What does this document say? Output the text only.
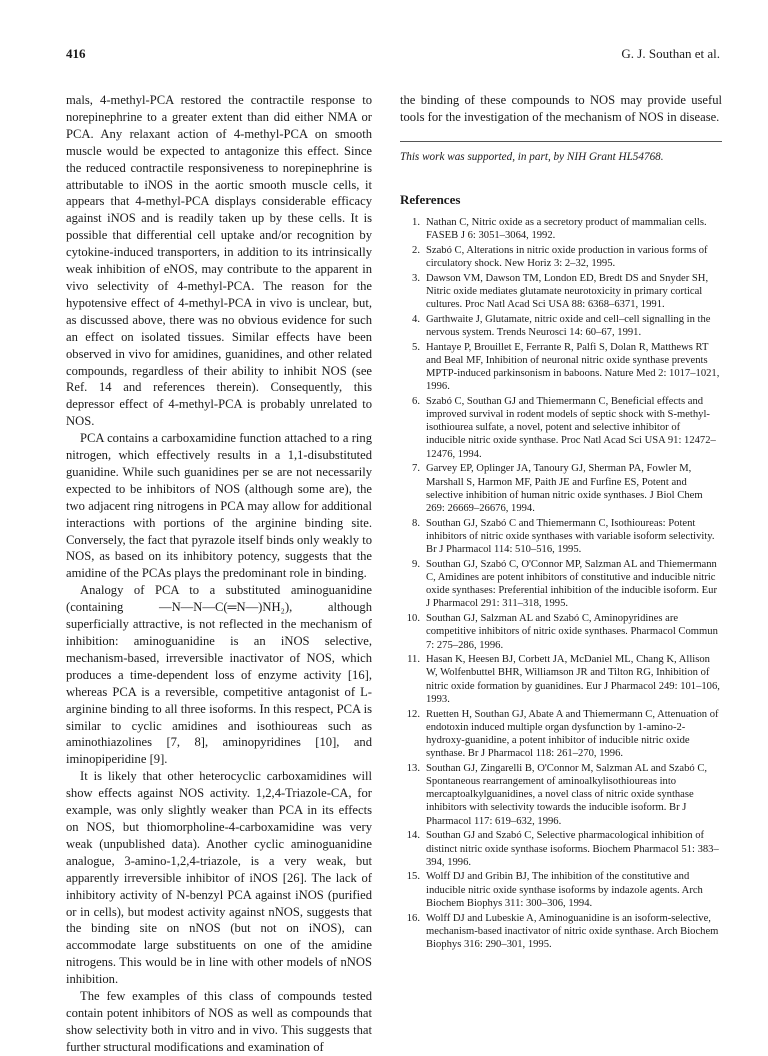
416	G. J. Southan et al.

mals, 4-methyl-PCA restored the contractile response to norepinephrine to a greater extent than did either NMA or PCA. Any relaxant action of 4-methyl-PCA on smooth muscle would be expected to antagonize this effect. Since the reduced contractile responsiveness to norepinephrine is attributable to iNOS in the aortic smooth muscle cells, it appears that 4-methyl-PCA displays considerable efficacy against iNOS and is readily taken up by these cells. It is possible that differential cell uptake and/or recognition by cytokine-induced transporters, in addition to its intrinsically weak inhibition of eNOS, may contribute to the apparent in vivo selectivity of 4-methyl-PCA. The reason for the hypotensive effect of 4-methyl-PCA in vivo is unclear, but, as discussed above, there was no obvious evidence for such an effect on isolated tissues. Similar effects have been observed in vivo for amidines, guanidines, and other related compounds, regardless of their ability to inhibit NOS (see Ref. 14 and references therein). Consequently, this depressor effect of 4-methyl-PCA is probably unrelated to NOS.

PCA contains a carboxamidine function attached to a ring nitrogen, which effectively results in a 1,1-disubstituted guanidine. While such guanidines per se are not necessarily expected to be inhibitors of NOS (although some are), the two adjacent ring nitrogens in PCA may allow for additional interactions with portions of the arginine binding site. Conversely, the fact that pyrazole itself binds only weakly to NOS, as based on its inhibitory potency, suggests that the amidine of the PCAs plays the predominant role in binding.

Analogy of PCA to a substituted aminoguanidine (containing —N—N—C(═N—)NH₂), although superficially attractive, is not reflected in the mechanism of inhibition: aminoguanidine is an iNOS selective, mechanism-based, irreversible inactivator of NOS, which produces a time-dependent loss of enzyme activity [16], whereas PCA is a reversible, competitive antagonist of L-arginine binding to all three isoforms. In this respect, PCA is similar to cyclic amidines and isothioureas such as aminothiazolines [7, 8], aminopyridines [10], and iminopiperidine [9].

It is likely that other heterocyclic carboxamidines will show effects against NOS activity. 1,2,4-Triazole-CA, for example, was only slightly weaker than PCA in its effects on NOS, but thiomorpholine-4-carboxamidine was very weak (unpublished data). Another cyclic aminoguanidine analogue, 3-amino-1,2,4-triazole, is a very weak, but apparently irreversible inhibitor of iNOS [26]. The lack of inhibitory activity of N-benzyl PCA against iNOS (purified or in cells), but modest activity against nNOS, suggests that the binding site on nNOS (but not on iNOS), can accommodate large substituents on one of the amidine nitrogens. This would be in line with other models of nNOS inhibition.

The few examples of this class of compounds tested contain potent inhibitors of NOS as well as compounds that show selectivity both in vitro and in vivo. This suggests that further structural modifications and examination of

the binding of these compounds to NOS may provide useful tools for the investigation of the mechanism of NOS in disease.

This work was supported, in part, by NIH Grant HL54768.
References
1. Nathan C, Nitric oxide as a secretory product of mammalian cells. FASEB J 6: 3051–3064, 1992.
2. Szabó C, Alterations in nitric oxide production in various forms of circulatory shock. New Horiz 3: 2–32, 1995.
3. Dawson VM, Dawson TM, London ED, Bredt DS and Snyder SH, Nitric oxide mediates glutamate neurotoxicity in primary cortical cultures. Proc Natl Acad Sci USA 88: 6368–6371, 1991.
4. Garthwaite J, Glutamate, nitric oxide and cell–cell signalling in the nervous system. Trends Neurosci 14: 60–67, 1991.
5. Hantaye P, Brouillet E, Ferrante R, Palfi S, Dolan R, Matthews RT and Beal MF, Inhibition of neuronal nitric oxide synthase prevents MPTP-induced parkinsonism in baboons. Nature Med 2: 1017–1021, 1996.
6. Szabó C, Southan GJ and Thiemermann C, Beneficial effects and improved survival in rodent models of septic shock with S-methyl-isothiourea sulfate, a novel, potent and selective inhibitor of inducible nitric oxide synthase. Proc Natl Acad Sci USA 91: 12472–12476, 1994.
7. Garvey EP, Oplinger JA, Tanoury GJ, Sherman PA, Fowler M, Marshall S, Harmon MF, Paith JE and Furfine ES, Potent and selective inhibition of human nitric oxide synthases. J Biol Chem 269: 26669–26676, 1994.
8. Southan GJ, Szabó C and Thiemermann C, Isothioureas: Potent inhibitors of nitric oxide synthases with variable isoform selectivity. Br J Pharmacol 114: 510–516, 1995.
9. Southan GJ, Szabó C, O'Connor MP, Salzman AL and Thiemermann C, Amidines are potent inhibitors of constitutive and inducible nitric oxide synthases: Preferential inhibition of the inducible isoform. Eur J Pharmacol 291: 311–318, 1995.
10. Southan GJ, Salzman AL and Szabó C, Aminopyridines are competitive inhibitors of nitric oxide synthases. Pharmacol Commun 7: 275–286, 1996.
11. Hasan K, Heesen BJ, Corbett JA, McDaniel ML, Chang K, Allison W, Wolfenbuttel BHR, Williamson JR and Tilton RG, Inhibition of nitric oxide formation by guanidines. Eur J Pharmacol 249: 101–106, 1993.
12. Ruetten H, Southan GJ, Abate A and Thiemermann C, Attenuation of endotoxin induced multiple organ dysfunction by 1-amino-2-hydroxy-guanidine, a potent inhibitor of inducible nitric oxide synthase. Br J Pharmacol 118: 261–270, 1996.
13. Southan GJ, Zingarelli B, O'Connor M, Salzman AL and Szabó C, Spontaneous rearrangement of aminoalkylisothioureas into mercaptoalkylguanidines, a novel class of nitric oxide synthase inhibitors with selectivity towards the inducible isoform. Br J Pharmacol 117: 619–632, 1996.
14. Southan GJ and Szabó C, Selective pharmacological inhibition of distinct nitric oxide synthase isoforms. Biochem Pharmacol 51: 383–394, 1996.
15. Wolff DJ and Gribin BJ, The inhibition of the constitutive and inducible nitric oxide synthase isoforms by indazole agents. Arch Biochem Biophys 311: 300–306, 1994.
16. Wolff DJ and Lubeskie A, Aminoguanidine is an isoform-selective, mechanism-based inactivator of nitric oxide synthase. Arch Biochem Biophys 316: 290–301, 1995.
